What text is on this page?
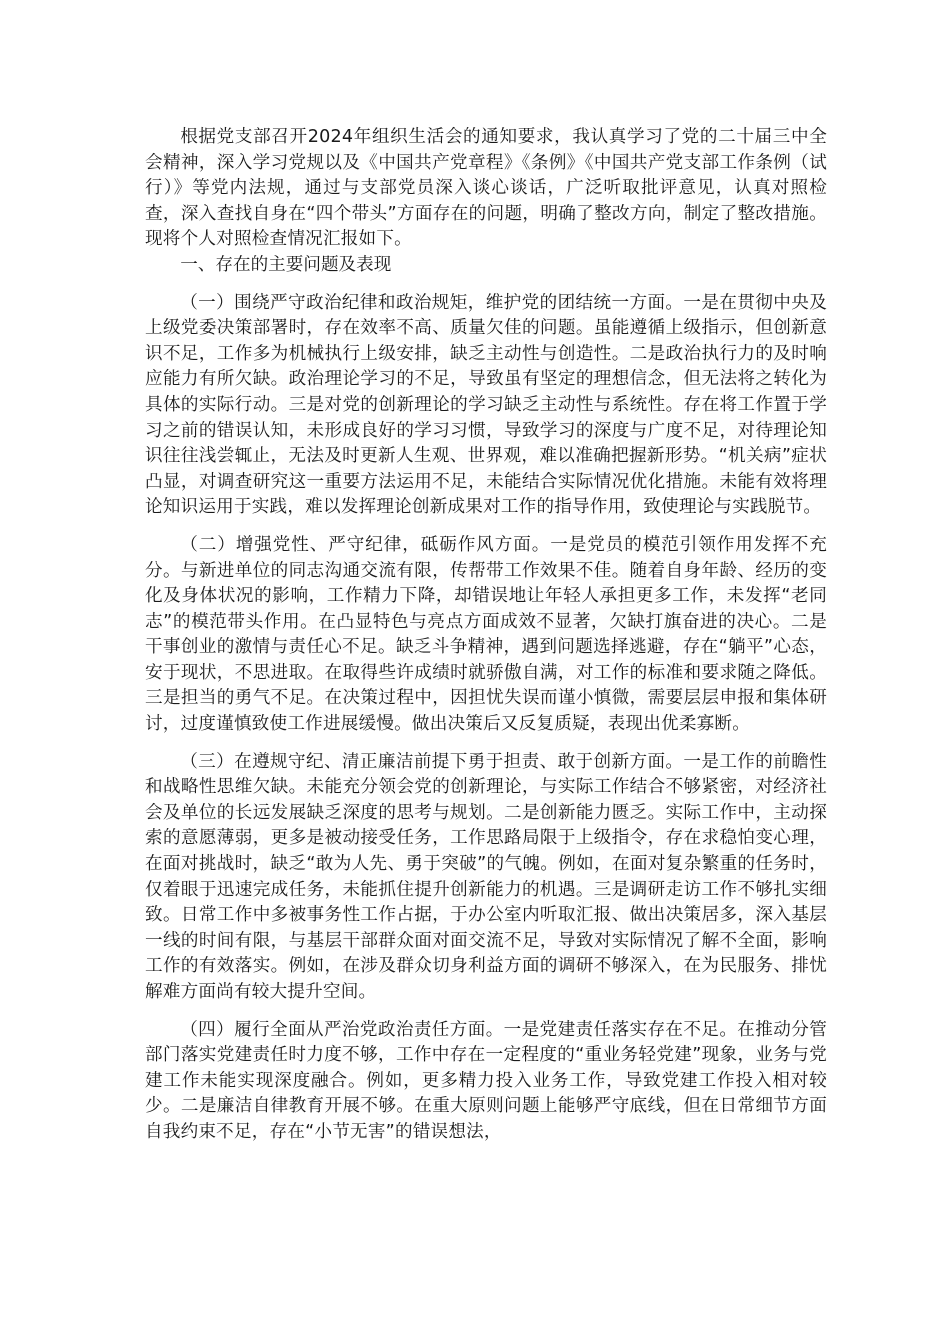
根据党支部召开2024年组织生活会的通知要求，我认真学习了党的二十届三中全会精神，深入学习党规以及《中国共产党章程》《条例》《中国共产党支部工作条例（试行）》等党内法规，通过与支部党员深入谈心谈话，广泛听取批评意见，认真对照检查，深入查找自身在“四个带头”方面存在的问题，明确了整改方向，制定了整改措施。现将个人对照检查情况汇报如下。

一、存在的主要问题及表现

（一）围绕严守政治纪律和政治规矩，维护党的团结统一方面。一是在贯彻中央及上级党委决策部署时，存在效率不高、质量欠佳的问题。虽能遵循上级指示，但创新意识不足，工作多为机械执行上级安排，缺乏主动性与创造性。二是政治执行力的及时响应能力有所欠缺。政治理论学习的不足，导致虽有坚定的理想信念，但无法将之转化为具体的实际行动。三是对党的创新理论的学习缺乏主动性与系统性。存在将工作置于学习之前的错误认知，未形成良好的学习习惯，导致学习的深度与广度不足，对待理论知识往往浅尝辄止，无法及时更新人生观、世界观，难以准确把握新形势。“机关病”症状凸显，对调查研究这一重要方法运用不足，未能结合实际情况优化措施。未能有效将理论知识运用于实践，难以发挥理论创新成果对工作的指导作用，致使理论与实践脱节。

（二）增强党性、严守纪律，砥砺作风方面。一是党员的模范引领作用发挥不充分。与新进单位的同志沟通交流有限，传帮带工作效果不佳。随着自身年龄、经历的变化及身体状况的影响，工作精力下降，却错误地让年轻人承担更多工作，未发挥“老同志”的模范带头作用。在凸显特色与亮点方面成效不显著，欠缺打旗奋进的决心。二是干事创业的激情与责任心不足。缺乏斗争精神，遇到问题选择逃避，存在“躺平”心态，安于现状，不思进取。在取得些许成绩时就骄傲自满，对工作的标准和要求随之降低。三是担当的勇气不足。在决策过程中，因担忧失误而谨小慎微，需要层层申报和集体研讨，过度谨慎致使工作进展缓慢。做出决策后又反复质疑，表现出优柔寡断。

（三）在遵规守纪、清正廉洁前提下勇于担责、敢于创新方面。一是工作的前瞻性和战略性思维欠缺。未能充分领会党的创新理论，与实际工作结合不够紧密，对经济社会及单位的长远发展缺乏深度的思考与规划。二是创新能力匮乏。实际工作中，主动探索的意愿薄弱，更多是被动接受任务，工作思路局限于上级指令，存在求稳怕变心理，在面对挑战时，缺乏“敢为人先、勇于突破”的气魄。例如，在面对复杂繁重的任务时，仅着眼于迅速完成任务，未能抓住提升创新能力的机遇。三是调研走访工作不够扎实细致。日常工作中多被事务性工作占据，于办公室内听取汇报、做出决策居多，深入基层一线的时间有限，与基层干部群众面对面交流不足，导致对实际情况了解不全面，影响工作的有效落实。例如，在涉及群众切身利益方面的调研不够深入，在为民服务、排忧解难方面尚有较大提升空间。

（四）履行全面从严治党政治责任方面。一是党建责任落实存在不足。在推动分管部门落实党建责任时力度不够，工作中存在一定程度的“重业务轻党建”现象，业务与党建工作未能实现深度融合。例如，更多精力投入业务工作，导致党建工作投入相对较少。二是廉洁自律教育开展不够。在重大原则问题上能够严守底线，但在日常细节方面自我约束不足，存在“小节无害”的错误想法，
